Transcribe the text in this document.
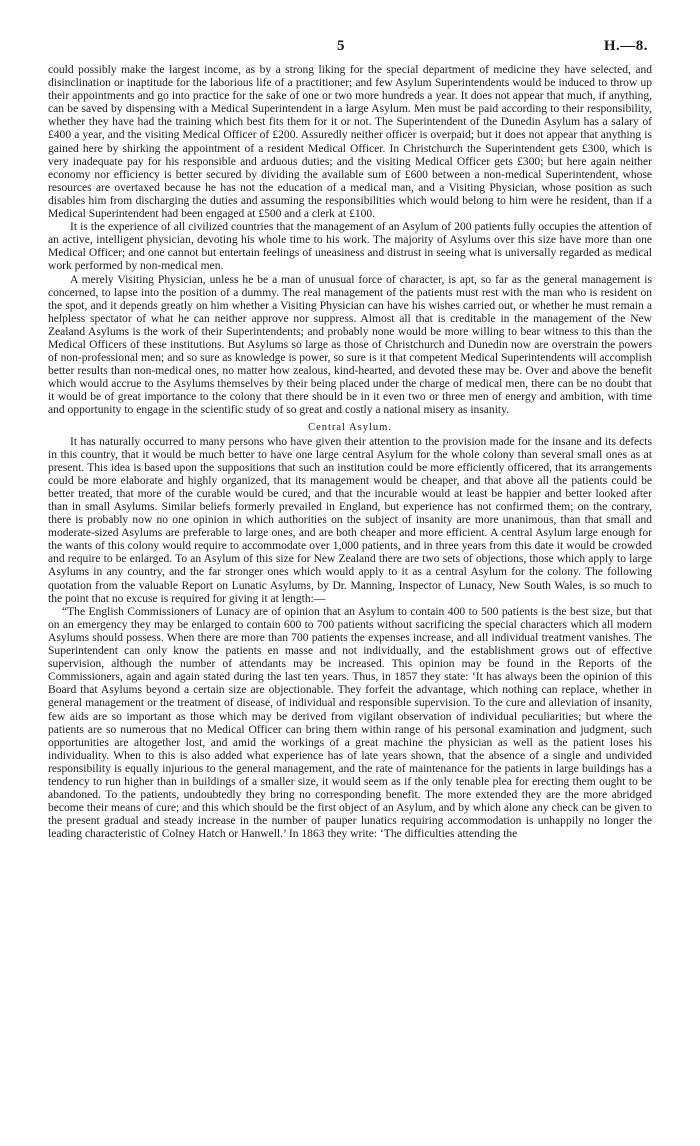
5	H.—8.

could possibly make the largest income, as by a strong liking for the special department of medicine they have selected, and disinclination or inaptitude for the laborious life of a practitioner; and few Asylum Superintendents would be induced to throw up their appointments and go into practice for the sake of one or two more hundreds a year. It does not appear that much, if anything, can be saved by dispensing with a Medical Superintendent in a large Asylum. Men must be paid according to their responsibility, whether they have had the training which best fits them for it or not. The Superintendent of the Dunedin Asylum has a salary of £400 a year, and the visiting Medical Officer of £200. Assuredly neither officer is overpaid; but it does not appear that anything is gained here by shirking the appointment of a resident Medical Officer. In Christchurch the Superintendent gets £300, which is very inadequate pay for his responsible and arduous duties; and the visiting Medical Officer gets £300; but here again neither economy nor efficiency is better secured by dividing the available sum of £600 between a non-medical Superintendent, whose resources are overtaxed because he has not the education of a medical man, and a Visiting Physician, whose position as such disables him from discharging the duties and assuming the responsibilities which would belong to him were he resident, than if a Medical Superintendent had been engaged at £500 and a clerk at £100.

It is the experience of all civilized countries that the management of an Asylum of 200 patients fully occupies the attention of an active, intelligent physician, devoting his whole time to his work. The majority of Asylums over this size have more than one Medical Officer; and one cannot but entertain feelings of uneasiness and distrust in seeing what is universally regarded as medical work performed by non-medical men.

A merely Visiting Physician, unless he be a man of unusual force of character, is apt, so far as the general management is concerned, to lapse into the position of a dummy. The real management of the patients must rest with the man who is resident on the spot, and it depends greatly on him whether a Visiting Physician can have his wishes carried out, or whether he must remain a helpless spectator of what he can neither approve nor suppress. Almost all that is creditable in the management of the New Zealand Asylums is the work of their Superintendents; and probably none would be more willing to bear witness to this than the Medical Officers of these institutions. But Asylums so large as those of Christchurch and Dunedin now are overstrain the powers of non-professional men; and so sure as knowledge is power, so sure is it that competent Medical Superintendents will accomplish better results than non-medical ones, no matter how zealous, kind-hearted, and devoted these may be. Over and above the benefit which would accrue to the Asylums themselves by their being placed under the charge of medical men, there can be no doubt that it would be of great importance to the colony that there should be in it even two or three men of energy and ambition, with time and opportunity to engage in the scientific study of so great and costly a national misery as insanity.

Central Asylum.

It has naturally occurred to many persons who have given their attention to the provision made for the insane and its defects in this country, that it would be much better to have one large central Asylum for the whole colony than several small ones as at present. This idea is based upon the suppositions that such an institution could be more efficiently officered, that its arrangements could be more elaborate and highly organized, that its management would be cheaper, and that above all the patients could be better treated, that more of the curable would be cured, and that the incurable would at least be happier and better looked after than in small Asylums. Similar beliefs formerly prevailed in England, but experience has not confirmed them; on the contrary, there is probably now no one opinion in which authorities on the subject of insanity are more unanimous, than that small and moderate-sized Asylums are preferable to large ones, and are both cheaper and more efficient. A central Asylum large enough for the wants of this colony would require to accommodate over 1,000 patients, and in three years from this date it would be crowded and require to be enlarged. To an Asylum of this size for New Zealand there are two sets of objections, those which apply to large Asylums in any country, and the far stronger ones which would apply to it as a central Asylum for the colony. The following quotation from the valuable Report on Lunatic Asylums, by Dr. Manning, Inspector of Lunacy, New South Wales, is so much to the point that no excuse is required for giving it at length:—

“The English Commissioners of Lunacy are of opinion that an Asylum to contain 400 to 500 patients is the best size, but that on an emergency they may be enlarged to contain 600 to 700 patients without sacrificing the special characters which all modern Asylums should possess. When there are more than 700 patients the expenses increase, and all individual treatment vanishes. The Superintendent can only know the patients en masse and not individually, and the establishment grows out of effective supervision, although the number of attendants may be increased. This opinion may be found in the Reports of the Commissioners, again and again stated during the last ten years. Thus, in 1857 they state: ‘It has always been the opinion of this Board that Asylums beyond a certain size are objectionable. They forfeit the advantage, which nothing can replace, whether in general management or the treatment of disease, of individual and responsible supervision. To the cure and alleviation of insanity, few aids are so important as those which may be derived from vigilant observation of individual peculiarities; but where the patients are so numerous that no Medical Officer can bring them within range of his personal examination and judgment, such opportunities are altogether lost, and amid the workings of a great machine the physician as well as the patient loses his individuality. When to this is also added what experience has of late years shown, that the absence of a single and undivided responsibility is equally injurious to the general management, and the rate of maintenance for the patients in large buildings has a tendency to run higher than in buildings of a smaller size, it would seem as if the only tenable plea for erecting them ought to be abandoned. To the patients, undoubtedly they bring no corresponding benefit. The more extended they are the more abridged become their means of cure; and this which should be the first object of an Asylum, and by which alone any check can be given to the present gradual and steady increase in the number of pauper lunatics requiring accommodation is unhappily no longer the leading characteristic of Colney Hatch or Hanwell.’ In 1863 they write: ‘The difficulties attending the
